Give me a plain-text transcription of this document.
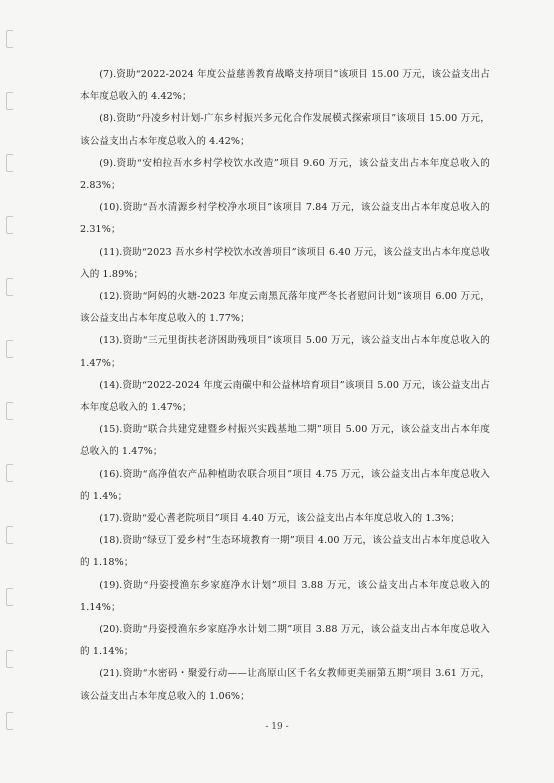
(7).资助“2022-2024 年度公益慈善教育战略支持项目”该项目 15.00 万元，该公益支出占本年度总收入的 4.42%；

(8).资助“丹凌乡村计划-广东乡村振兴多元化合作发展模式探索项目”该项目 15.00 万元，该公益支出占本年度总收入的 4.42%；

(9).资助“安柏拉吾水乡村学校饮水改造”项目 9.60 万元，该公益支出占本年度总收入的 2.83%；

(10).资助“吾水清源乡村学校净水项目”该项目 7.84 万元，该公益支出占本年度总收入的 2.31%；

(11).资助“2023 吾水乡村学校饮水改善项目”该项目 6.40 万元，该公益支出占本年度总收入的 1.89%；

(12).资助“阿妈的火塘-2023 年度云南黑瓦落年度严冬长者慰问计划”该项目 6.00 万元，该公益支出占本年度总收入的 1.77%；

(13).资助“三元里街扶老济困助残项目”该项目 5.00 万元，该公益支出占本年度总收入的 1.47%；

(14).资助“2022-2024 年度云南碳中和公益林培育项目”该项目 5.00 万元，该公益支出占本年度总收入的 1.47%；

(15).资助“联合共建党建暨乡村振兴实践基地二期”项目 5.00 万元，该公益支出占本年度总收入的 1.47%；

(16).资助“高净值农产品种植助农联合项目”项目 4.75 万元，该公益支出占本年度总收入的 1.4%；

(17).资助“爱心耆老院项目”项目 4.40 万元，该公益支出占本年度总收入的 1.3%；

(18).资助“绿豆丁爱乡村”生态环境教育一期”项目 4.00 万元，该公益支出占本年度总收入的 1.18%；

(19).资助“丹姿授渔东乡家庭净水计划”项目 3.88 万元，该公益支出占本年度总收入的 1.14%；

(20).资助“丹姿授渔东乡家庭净水计划二期”项目 3.88 万元，该公益支出占本年度总收入的 1.14%；

(21).资助“水密码・聚爱行动——让高原山区千名女教师更美丽第五期”项目 3.61 万元，该公益支出占本年度总收入的 1.06%；

- 19 -
